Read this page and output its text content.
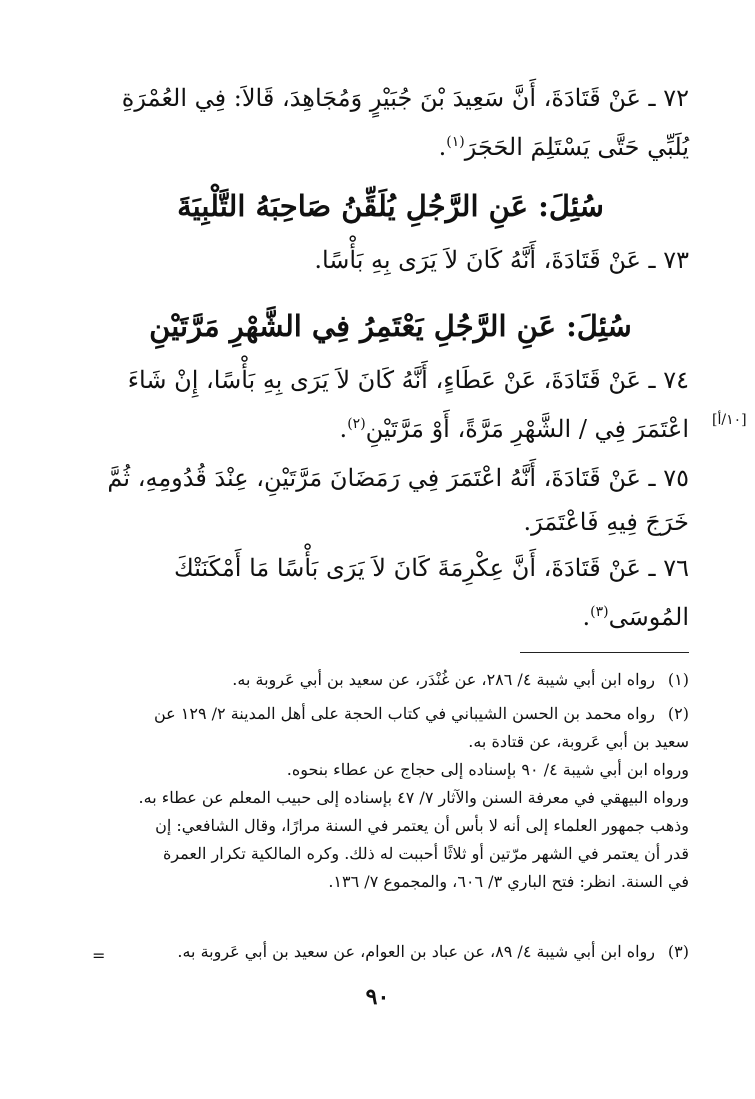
٧٢ ـ عَنْ قَتَادَةَ، أَنَّ سَعِيدَ بْنَ جُبَيْرٍ وَمُجَاهِدَ، قَالاَ: فِي العُمْرَةِ
يُلَبِّي حَتَّى يَسْتَلِمَ الحَجَرَ$^{(١)}$.
سُئِلَ: عَنِ الرَّجُلِ يُلَقِّنُ صَاحِبَهُ التَّلْبِيَةَ
٧٣ ـ عَنْ قَتَادَةَ، أَنَّهُ كَانَ لاَ يَرَى بِهِ بَأْسًا.
سُئِلَ: عَنِ الرَّجُلِ يَعْتَمِرُ فِي الشَّهْرِ مَرَّتَيْنِ
٧٤ ـ عَنْ قَتَادَةَ، عَنْ عَطَاءٍ، أَنَّهُ كَانَ لاَ يَرَى بِهِ بَأْسًا، إِنْ شَاءَ
اعْتَمَرَ فِي / الشَّهْرِ مَرَّةً، أَوْ مَرَّتَيْنِ$^{(٢)}$.	[١٠/أ]
٧٥ ـ عَنْ قَتَادَةَ، أَنَّهُ اعْتَمَرَ فِي رَمَضَانَ مَرَّتَيْنِ، عِنْدَ قُدُومِهِ، ثُمَّ
خَرَجَ فِيهِ فَاعْتَمَرَ.
٧٦ ـ عَنْ قَتَادَةَ، أَنَّ عِكْرِمَةَ كَانَ لاَ يَرَى بَأْسًا مَا أَمْكَنَتْكَ
المُوسَى$^{(٣)}$.
(١)رواه ابن أبي شيبة ٤/ ٢٨٦، عن غُنْدَر، عن سعيد بن أبي عَروبة به.
(٢)رواه محمد بن الحسن الشيباني في كتاب الحجة على أهل المدينة ٢/ ١٢٩ عن
سعيد بن أبي عَروبة، عن قتادة به.
ورواه ابن أبي شيبة ٤/ ٩٠ بإسناده إلى حجاج عن عطاء بنحوه.
ورواه البيهقي في معرفة السنن والآثار ٧/ ٤٧ بإسناده إلى حبيب المعلم عن عطاء به.
وذهب جمهور العلماء إلى أنه لا بأس أن يعتمر في السنة مرارًا، وقال الشافعي: إن
قدر أن يعتمر في الشهر مرّتين أو ثلاثًا أحببت له ذلك. وكره المالكية تكرار العمرة
في السنة. انظر: فتح الباري ٣/ ٦٠٦، والمجموع ٧/ ١٣٦.
(٣)رواه ابن أبي شيبة ٤/ ٨٩، عن عباد بن العوام، عن سعيد بن أبي عَروبة به.
=
٩٠
